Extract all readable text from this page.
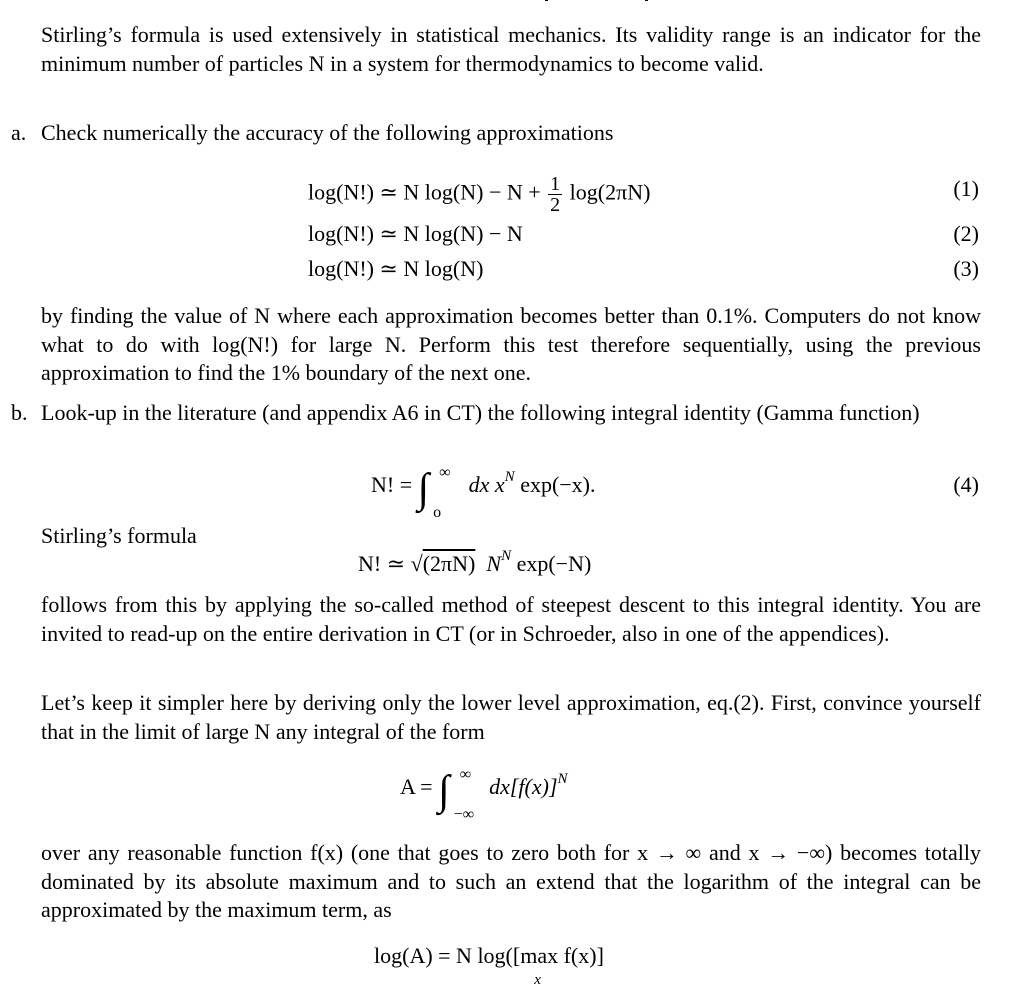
Stirling’s formula is used extensively in statistical mechanics. Its validity range is an indicator for the minimum number of particles N in a system for thermodynamics to become valid.

a. Check numerically the accuracy of the following approximations

log(N!) ≃ N $\log(N) - N + \frac{1}{2} \log(2\pi N)$	(1)
log(N!) ≃ N log(N) − N	(2)
log(N!) ≃ N log(N)	(3)

by finding the value of N where each approximation becomes better than 0.1%. Computers do not know what to do with log(N!) for large N. Perform this test therefore sequentially, using the previous approximation to find the 1% boundary of the next one.

b. Look-up in the literature (and appendix A6 in CT) the following integral identity (Gamma function)

N! = ∫ ∞
o
dx $x^N$ exp(−x).	(4)

Stirling’s formula

N! ≃ √(2πN) $N^N$ exp(−N)

follows from this by applying the so-called method of steepest descent to this integral identity. You are invited to read-up on the entire derivation in CT (or in Schroeder, also in one of the appendices).

Let’s keep it simpler here by deriving only the lower level approximation, eq.(2). First, convince yourself that in the limit of large N any integral of the form

A = ∫ ∞
−∞
$dx[f(x)]^N$

over any reasonable function f(x) (one that goes to zero both for x → ∞ and x → −∞) becomes totally dominated by its absolute maximum and to such an extend that the logarithm of the integral can be approximated by the maximum term, as

log(A) = N log([max
x
f(x)]
